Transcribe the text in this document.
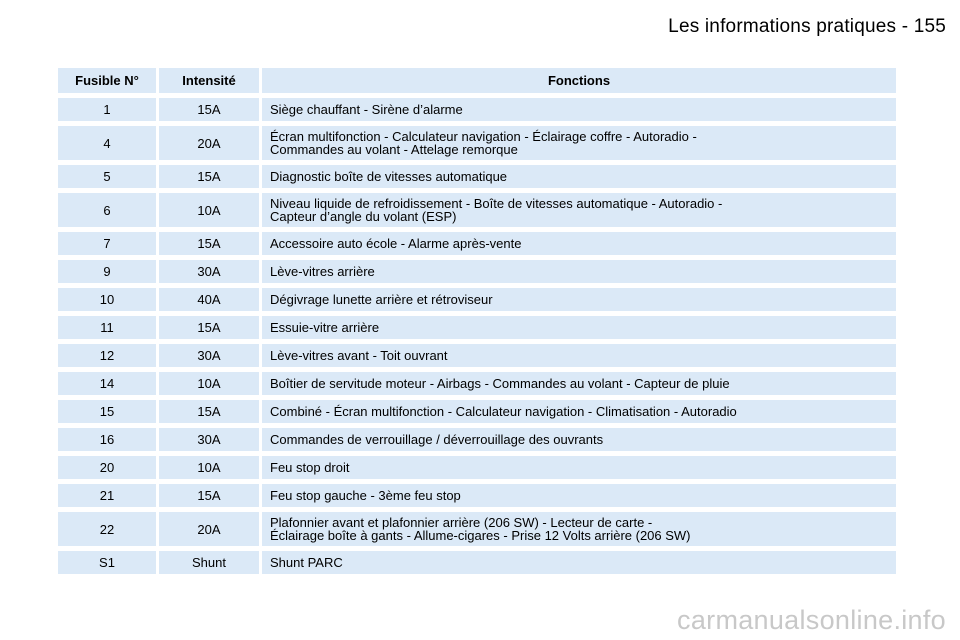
Les informations pratiques - 155
Fusible N°	Intensité	Fonctions
1	15A	Siège chauffant - Sirène d’alarme

4	20A	Écran multifonction - Calculateur navigation - Éclairage coffre - Autoradio -
Commandes au volant - Attelage remorque

5	15A	Diagnostic boîte de vitesses automatique

6	10A	Niveau liquide de refroidissement - Boîte de vitesses automatique - Autoradio -
Capteur d’angle du volant (ESP)

7	15A	Accessoire auto école - Alarme après-vente

9	30A	Lève-vitres arrière

10	40A	Dégivrage lunette arrière et rétroviseur

11	15A	Essuie-vitre arrière

12	30A	Lève-vitres avant - Toit ouvrant

14	10A	Boîtier de servitude moteur - Airbags - Commandes au volant - Capteur de pluie

15	15A	Combiné - Écran multifonction - Calculateur navigation - Climatisation - Autoradio

16	30A	Commandes de verrouillage / déverrouillage des ouvrants

20	10A	Feu stop droit

21	15A	Feu stop gauche - 3ème feu stop

22	20A	Plafonnier avant et plafonnier arrière (206 SW) - Lecteur de carte -
Éclairage boîte à gants - Allume-cigares - Prise 12 Volts arrière (206 SW)

S1	Shunt	Shunt PARC
carmanualsonline.info
